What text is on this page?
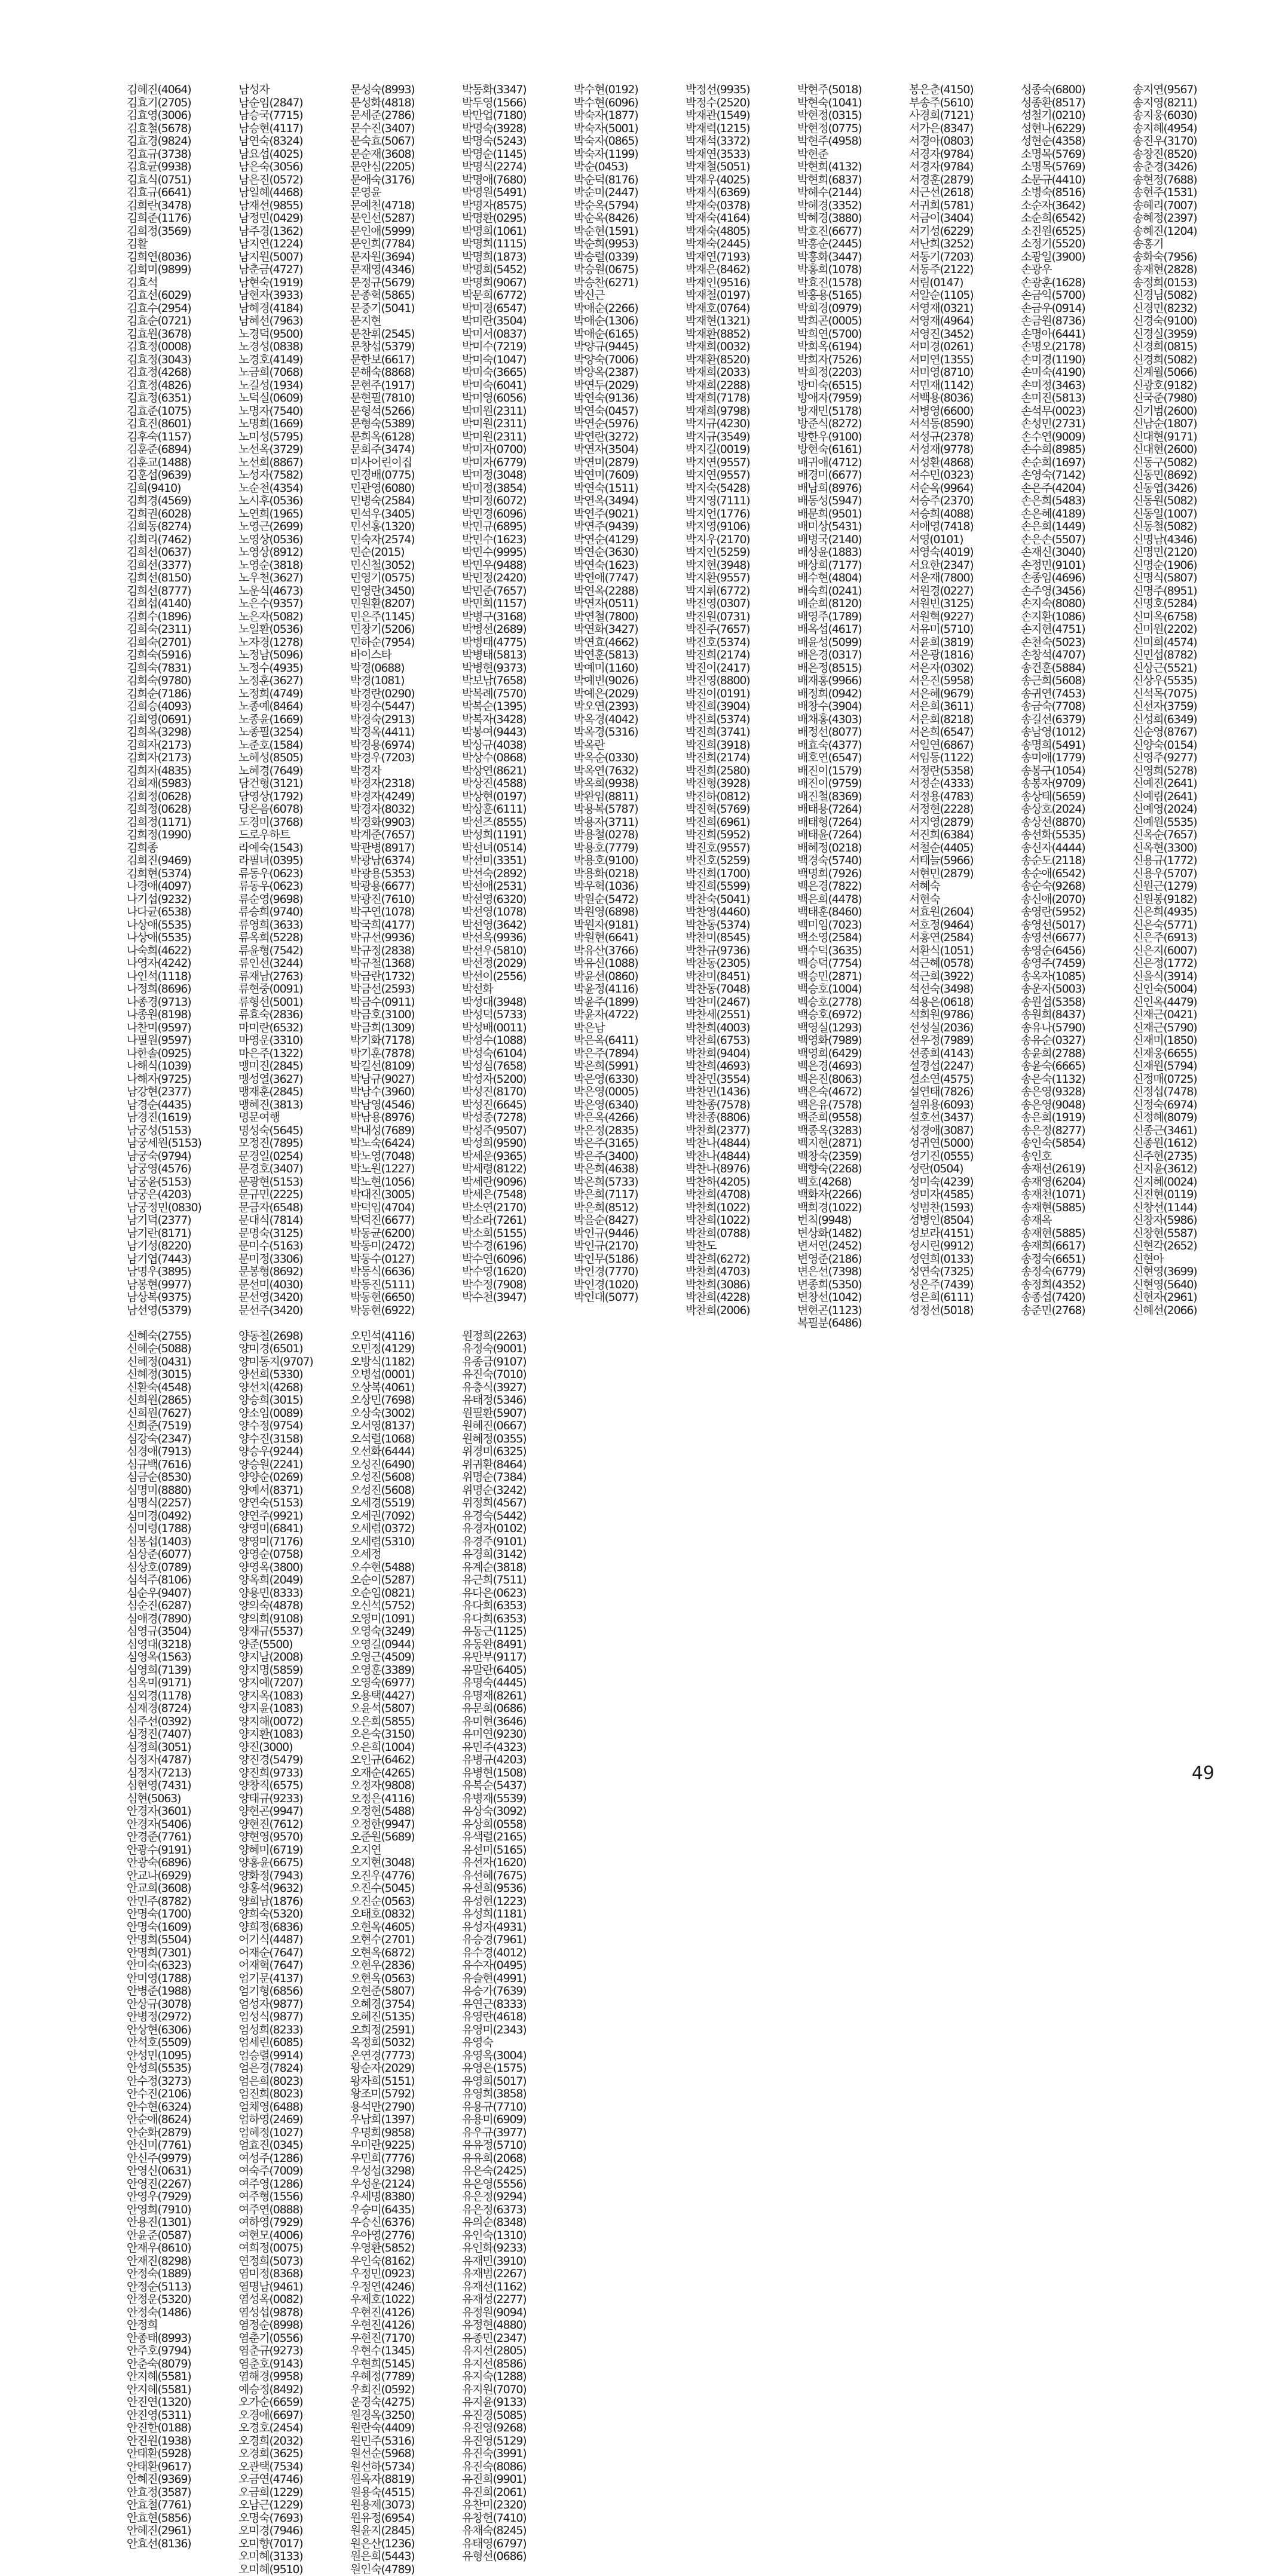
김혜진(4064)
김효기(2705)
김효영(3006)
김효철(5678)
김효경(9824)
김효규(3738)
김효균(9938)
김효식(0751)
김효규(6641)
김희란(3478)
김희준(1176)
김희정(3569)
김활
김희연(8036)
김희미(9899)
김효석
김효선(6029)
김효수(2954)
김효순(0721)
김효원(3678)
김효정(0008)
김효정(3043)
김효정(4268)
김효정(4826)
김효정(6351)
김효준(1075)
김효진(8601)
김후숙(1157)
김훈준(6894)
김훈교(1488)
김훈섭(9639)
김희(9410)
김희경(4569)
김희권(6028)
김희동(8274)
김희리(7462)
김희선(0637)
김희선(3377)
김희선(8150)
김희선(8777)
김희섭(4140)
김희수(1896)
김희숙(2311)
김희숙(2701)
김희숙(5916)
김희숙(7831)
김희숙(9780)
김희순(7186)
김희승(4093)
김희영(0691)
김희옥(3298)
김희자(2173)
김희자(2173)
김희자(4835)
김희재(5983)
김희정(0628)
김희정(0628)
김희정(1171)
김희정(1990)
김희종
김희진(9469)
김희현(5374)
나경애(4097)
나기섭(9232)
나다균(6538)
나상애(5535)
나상애(5535)
나숙희(4622)
나영자(4242)
나인석(1118)
나정희(8696)
나종경(9713)
나종원(8198)
나찬미(9597)
나필원(9597)
나한솔(0925)
나해식(1039)
나해자(9725)
남강현(2377)
남경순(4435)
남경진(1619)
남궁성(5153)
남궁세원(5153)
남궁숙(9794)
남궁영(4576)
남궁윤(5153)
남궁은(4203)
남궁정민(0830)
남기덕(2377)
남기란(8171)
남기성(8220)
남기엽(7443)
남명우(3895)
남봉현(9977)
남상복(9375)
남선영(5379)
남성자
남순임(2847)
남승국(7715)
남승현(4117)
남연숙(8324)
남요섭(4025)
남은숙(3056)
남은진(0572)
남일혜(4468)
남재선(9855)
남정민(0429)
남주경(1362)
남지연(1224)
남지원(5007)
남춘금(4727)
남현숙(1919)
남현자(3933)
남혜경(4184)
남혜선(7963)
노경덕(9500)
노경성(0838)
노경호(4149)
노금희(7068)
노길성(1934)
노덕실(0609)
노명자(7540)
노명희(1669)
노미성(5795)
노선옥(3729)
노선희(8867)
노성자(7582)
노순천(4354)
노시후(0536)
노연희(1965)
노영근(2699)
노영상(0536)
노영상(8912)
노영순(3818)
노우천(3627)
노운식(4673)
노은수(9357)
노은자(5082)
노일환(0536)
노자경(1278)
노정남(5096)
노정수(4935)
노정훈(3627)
노정희(4749)
노종예(8464)
노종윤(1669)
노종필(3254)
노준호(1584)
노혜성(8505)
노혜경(7649)
담건형(3121)
담영상(1792)
당은음(6078)
도경미(3768)
드로우하트
라예숙(1543)
라필녀(0395)
류동우(0623)
류동우(0623)
류순영(9698)
류승희(9740)
류영희(3633)
류옥희(5228)
류윤형(7542)
류인선(3244)
류재남(2763)
류현중(0091)
류형선(5001)
류효숙(2836)
마미란(6532)
마영운(3310)
마은주(1322)
맹미진(2845)
맹성열(3627)
맹재훈(2845)
맹혜진(3813)
명문여행
명성숙(5645)
모정진(7895)
문경일(0254)
문경호(3407)
문광현(5153)
문규민(2225)
문금자(6548)
문대식(7814)
문명숙(3125)
문미수(5163)
문미정(3306)
문봉형(8692)
문선미(4030)
문선영(3420)
문선주(3420)
문성숙(8993)
문성화(4818)
문세준(2786)
문수진(3407)
문숙효(5067)
문순재(3608)
문안심(2205)
문애숙(3176)
문영윤
문예천(4718)
문인선(5287)
문인애(5999)
문인희(7784)
문자원(3694)
문재영(4346)
문정규(5679)
문종혁(5865)
문중기(5041)
문지현
문찬휘(2545)
문창섭(5379)
문한보(6617)
문해숙(8868)
문현주(1917)
문현필(7810)
문형석(5266)
문형숙(5389)
문희옥(6128)
문희주(3474)
미사어린이집
민경배(0775)
민관영(6080)
민병숙(2584)
민석우(3405)
민선홍(1320)
민숙자(2574)
민순(2015)
민신철(3052)
민영기(0575)
민영란(3450)
민원환(8207)
민은주(1145)
민창기(5206)
민하순(7954)
바이스타
박경(0688)
박경(1081)
박경란(0290)
박경수(5447)
박경숙(2913)
박경옥(4411)
박경용(6974)
박경우(7203)
박경자
박경자(2318)
박경자(4249)
박경자(8032)
박경화(9903)
박계준(7657)
박관병(8917)
박광남(6374)
박광용(5353)
박광용(6677)
박광진(7610)
박구연(1078)
박국희(4177)
박규선(9936)
박규정(2838)
박규철(1368)
박금란(1732)
박금선(2593)
박금수(0911)
박금호(3100)
박금희(1309)
박기화(7178)
박기훈(7878)
박길선(8109)
박남규(9027)
박남수(3960)
박남영(4546)
박남용(8976)
박내성(7689)
박노숙(6424)
박노영(7048)
박노원(1227)
박노현(1056)
박대진(3005)
박덕임(4704)
박덕진(6677)
박동균(6200)
박동미(2472)
박동수(0127)
박동식(6636)
박동진(5111)
박동현(6650)
박동현(6922)
박동화(3347)
박두영(1566)
박만업(7180)
박명숙(3928)
박명숙(5243)
박명순(1145)
박명식(2274)
박명애(7680)
박명원(5491)
박명자(8575)
박명환(0295)
박명희(1061)
박명희(1115)
박명희(1873)
박명희(5452)
박명희(9067)
박문희(6772)
박미경(6547)
박미란(3504)
박미서(0837)
박미수(7219)
박미숙(1047)
박미숙(3665)
박미숙(6041)
박미영(6056)
박미원(2311)
박미원(2311)
박미원(2311)
박미자(0700)
박미자(6779)
박미정(3048)
박미정(3854)
박미정(6072)
박민경(6096)
박민규(6895)
박민수(1623)
박민수(9995)
박민우(9488)
박민정(2420)
박민준(7657)
박민희(1157)
박병구(3168)
박병선(2689)
박병태(4775)
박병태(5813)
박병현(9373)
박보남(7658)
박복례(7570)
박복순(1395)
박복자(3428)
박봉여(9443)
박상규(4038)
박상수(0868)
박상연(8621)
박상진(4588)
박상현(0197)
박상훈(6111)
박선즈(8555)
박성희(1191)
박선녀(0514)
박선미(3351)
박선숙(2892)
박선애(2531)
박선영(6320)
박선영(1078)
박선영(3642)
박선옥(9936)
박선우(5810)
박선정(2029)
박선이(2556)
박선화
박성대(3948)
박성덕(5733)
박성배(0011)
박성수(1088)
박성숙(6104)
박성심(7658)
박성자(5200)
박성진(8170)
박성진(6645)
박성종(7278)
박성주(9507)
박성희(9590)
박세운(9365)
박세령(8122)
박세란(9096)
박세은(7548)
박소연(2170)
박소라(7261)
박소희(5155)
박수경(6196)
박수연(6096)
박수영(1620)
박수정(7908)
박수천(3947)
박수현(0192)
박수현(6096)
박숙자(1877)
박숙자(5001)
박숙자(0865)
박숙자(1199)
박순(0453)
박순덕(8176)
박순미(2447)
박순옥(5794)
박순옥(8426)
박순현(1591)
박순희(9953)
박승렬(0339)
박승원(0675)
박승찬(6271)
박신근
박애순(2266)
박애순(1306)
박애순(6165)
박양규(9445)
박양숙(7006)
박양옥(2387)
박연두(2029)
박연숙(9136)
박연숙(0457)
박연순(5976)
박연란(3272)
박연자(3504)
박연미(2879)
박연미(7609)
박연숙(1511)
박연옥(3494)
박연주(9021)
박연주(9439)
박연순(4129)
박연순(3630)
박연숙(1623)
박연애(7747)
박연옥(2288)
박연자(0511)
박연철(7800)
박연화(3427)
박연효(4662)
박연훈(5813)
박예미(1160)
박예빈(9026)
박예은(2029)
박오연(2393)
박옥경(4042)
박옥경(5316)
박옥란
박옥순(0330)
박옥연(7632)
박옥희(9938)
박완임(8811)
박용복(5787)
박용자(3711)
박용철(0278)
박용호(7779)
박용호(9100)
박용화(0218)
박우혁(1036)
박원순(5472)
박원영(6898)
박원자(9181)
박원현(6641)
박유산(3766)
박유신(1088)
박윤선(0860)
박윤정(4116)
박윤주(1899)
박윤자(4722)
박은남
박은옥(6411)
박은주(7894)
박은희(5991)
박은영(6330)
박은영(0005)
박은영(6340)
박은옥(4266)
박은정(2835)
박은주(3165)
박은주(3400)
박은희(4638)
박은희(5733)
박은희(7117)
박은희(8512)
박을순(8427)
박인규(9446)
박인규(2170)
박인무(5186)
박인경(7770)
박인경(1020)
박인대(5077)
박정선(9935)
박정수(2520)
박재관(1549)
박재력(1215)
박재석(3372)
박재연(3533)
박재철(5051)
박재우(4025)
박재식(6369)
박재숙(0378)
박재숙(4164)
박재숙(4805)
박재숙(2445)
박재연(7193)
박재은(8462)
박재인(9516)
박재철(0197)
박재호(0764)
박재현(1321)
박재환(8852)
박재희(0032)
박재환(8520)
박재희(2033)
박재희(2288)
박재희(7178)
박재희(9798)
박지규(4230)
박지규(3549)
박지길(0019)
박지연(9557)
박지연(9557)
박지숙(5428)
박지영(7111)
박지언(1776)
박지영(9106)
박지우(2170)
박지인(5259)
박지현(3948)
박지환(9557)
박지휘(6772)
박진영(0307)
박진원(0731)
박진주(7657)
박진호(5374)
박진희(2174)
박진이(2417)
박진영(8800)
박진이(0191)
박진희(3904)
박진희(5374)
박진희(3741)
박진희(3918)
박진희(2174)
박진희(2580)
박진형(3928)
박진하(0812)
박진혁(5769)
박진희(6961)
박진희(5952)
박진호(9557)
박진호(5259)
박진희(1700)
박진희(5599)
박찬숙(5041)
박찬영(4460)
박찬동(5374)
박찬미(8545)
박찬규(9736)
박찬동(2305)
박찬미(8451)
박찬동(7048)
박찬미(2467)
박찬세(2551)
박찬희(4003)
박찬희(6753)
박찬희(9404)
박찬희(4693)
박찬민(3554)
박찬민(1436)
박찬종(7578)
박찬종(8806)
박찬희(2377)
박찬나(4844)
박찬나(4844)
박찬나(8976)
박찬하(4205)
박찬희(4708)
박찬희(1022)
박찬희(1022)
박찬희(0788)
박찬도
박찬희(6272)
박찬희(4703)
박찬희(3086)
박찬희(4228)
박찬희(2006)
박현주(5018)
박현숙(1041)
박현정(0315)
박현정(0775)
박현주(4958)
박현준
박현희(4132)
박현희(6837)
박혜수(2144)
박혜경(3352)
박혜경(3880)
박호진(6677)
박홍순(2445)
박홍화(3447)
박홍희(1078)
박효진(1578)
박흥용(5165)
박희경(0979)
박희곤(0005)
박희연(5700)
박희옥(6194)
박희자(7526)
박희정(2203)
방미숙(6515)
방애자(7959)
방재민(5178)
방준식(8272)
방한우(9100)
방현숙(6161)
배귀애(4712)
배경미(6677)
배남희(8976)
배동성(5947)
배문희(9501)
배미상(5431)
배병국(2140)
배상윤(1883)
배상희(7177)
배수현(4804)
배숙희(0241)
배순희(8120)
배영주(1789)
배옥섭(4617)
배윤성(5099)
배은경(0317)
배은정(8515)
배재홍(9966)
배정희(0942)
배창수(3904)
배채홍(4303)
배정선(8077)
배효숙(4377)
배호연(6547)
배진이(1579)
배진이(9759)
배진철(8369)
배태용(7264)
배태형(7264)
배태윤(7264)
배혜정(0218)
백경숙(5740)
백명희(7926)
백은경(7822)
백은희(4478)
백태훈(8460)
백미임(7023)
백소영(2584)
백수덕(3635)
백승덕(7754)
백승민(2871)
백승호(1004)
백승호(2778)
백승호(6972)
백영실(1293)
백영화(7989)
백영희(6429)
백은경(4693)
백은진(8063)
백은숙(4672)
백은유(7578)
백준희(9558)
백종옥(3283)
백지현(2871)
백창숙(2359)
백향숙(2268)
백호(4268)
백화자(2266)
백희경(1022)
번칙(9948)
변상화(1482)
변서연(2452)
변영준(2186)
변은선(7398)
변종희(5350)
변창선(1042)
변현곤(1123)
복필분(6486)
봉은춘(4150)
부송주(5610)
사경희(7121)
서가은(8347)
서경아(0803)
서경자(9784)
서경자(9784)
서경훈(2879)
서근선(2618)
서귀희(5781)
서금이(3404)
서기성(6229)
서난희(3252)
서동기(7203)
서동주(2122)
서림(0147)
서알순(1105)
서영재(0321)
서영재(4964)
서영진(3452)
서미경(0261)
서미연(1355)
서미영(8710)
서민재(1142)
서백용(8036)
서병영(6600)
서석동(8590)
서성규(2378)
서성재(9778)
서성환(4868)
서수민(0323)
서순옥(9964)
서승주(2370)
서승희(4088)
서애영(7418)
서영(0101)
서영숙(4019)
서요한(2347)
서운재(7800)
서원경(0227)
서원빈(3125)
서원혁(9227)
서유미(5710)
서윤희(3819)
서은광(1816)
서은자(0302)
서은진(5958)
서은혜(9679)
서은희(3611)
서은희(8218)
서은희(6547)
서일연(6867)
서임동(1122)
서정란(5358)
서정순(4333)
서정용(4783)
서정현(2228)
서지영(2879)
서진희(6384)
서철순(4405)
서태늘(5966)
서현민(2879)
서혜숙
서현숙
서효원(2604)
서호정(9464)
서홍연(2584)
서환식(1051)
석근혜(0578)
석근희(3922)
석선숙(3498)
석용은(0618)
석희원(9786)
선성실(2036)
선우정(7989)
선종희(4143)
설경섭(2247)
설소연(4575)
설연태(7826)
설위용(6093)
설호선(3437)
성경애(3087)
성귀연(5000)
성기진(0555)
성란(0504)
성미숙(4239)
성미자(4585)
성범찬(1593)
성병인(8504)
성보라(4151)
성시린(9912)
성연희(0133)
성연숙(7325)
성은주(7439)
성은희(6111)
성정선(5018)
성종숙(6800)
성종환(8517)
성철기(0210)
성현나(6229)
성현순(4358)
소명목(5769)
소명목(5769)
소문규(4410)
소병숙(8516)
소순자(3642)
소순희(6542)
소진원(6525)
소정기(5520)
소광일(3900)
손광우
손광훈(1628)
손금익(5700)
손금우(0914)
손금원(8736)
손명아(6441)
손명오(2178)
손미경(1190)
손미숙(4190)
손미정(3463)
손미진(5813)
손석무(0023)
손성민(2731)
손수연(9009)
손수희(8985)
손순희(1697)
손영숙(7142)
손은주(4204)
손은희(5483)
손은혜(4189)
손은희(1449)
손은손(5507)
손재신(3040)
손정민(9101)
손종임(4696)
손주영(3456)
손지숙(8080)
손지환(1086)
손지현(4751)
손천숙(5023)
손창석(4707)
송건훈(5884)
송근희(5608)
송귀연(7453)
송금숙(7708)
송길선(6379)
송남영(1012)
송명희(5491)
송미애(1779)
송봉구(1054)
송봉자(9709)
송상태(5659)
송상호(2024)
송상선(8870)
송선화(5535)
송신자(4444)
송순도(2118)
송순애(6542)
송순숙(9268)
송신애(2070)
송영란(5952)
송영선(5017)
송영선(6677)
송영순(6456)
송영주(7459)
송옥자(1085)
송운자(5003)
송원섭(5358)
송원희(8437)
송유나(5790)
송유순(0327)
송윤희(2788)
송윤숙(6665)
송은숙(1132)
송은영(9328)
송은영(9048)
송은희(1919)
송은정(8277)
송인숙(5854)
송인호
송재선(2619)
송재영(6204)
송재천(1071)
송재현(5885)
송재옥
송재현(5885)
송재희(6617)
송정숙(6651)
송정숙(6779)
송정희(4352)
송종섭(7420)
송준민(2768)
송지연(9567)
송지영(8211)
송지웅(6030)
송지혜(4954)
송진우(3170)
송창진(8520)
송춘경(3426)
송현정(7688)
송현주(1531)
송혜리(7007)
송혜정(2397)
송혜진(1204)
송홍기
송화숙(7956)
송재현(2828)
송정희(0153)
신경님(5082)
신경민(8232)
신경숙(9100)
신경실(3959)
신경희(0815)
신경희(5082)
신계월(5066)
신광호(9182)
신국준(7980)
신기범(2600)
신남순(1807)
신대현(9171)
신대현(2600)
신동구(5082)
신동민(8692)
신동엽(3426)
신동원(5082)
신동일(1007)
신동철(5082)
신명남(4346)
신명민(2120)
신명순(1906)
신명식(5807)
신명주(8951)
신명호(5284)
신미옥(6758)
신미원(2202)
신미희(4574)
신민섭(8782)
신상근(5521)
신상우(5535)
신석목(7075)
신선자(3759)
신성희(6349)
신순영(8767)
신양숙(0154)
신영주(9277)
신영희(5278)
신예진(2641)
신예림(2641)
신예영(2024)
신예원(5535)
신옥순(7657)
신옥현(3300)
신용규(1772)
신용우(5707)
신원근(1279)
신원봉(9182)
신은희(4935)
신은숙(5771)
신은주(6913)
신은지(6007)
신은정(1772)
신을식(3914)
신인숙(5004)
신인옥(4479)
신재근(0421)
신재근(5790)
신재미(1850)
신재웅(6655)
신재원(5794)
신정매(0725)
신정섭(7478)
신정숙(6974)
신정혜(8079)
신종근(3461)
신종원(1612)
신주현(2735)
신지윤(3612)
신지혜(0024)
신진현(0119)
신창선(1144)
신창자(5986)
신창현(5587)
신현각(2652)
신현아
신현영(3699)
신현영(5640)
신현자(2961)
신혜선(2066)
신혜숙(2755)
신혜순(5088)
신혜정(0431)
신혜정(3015)
신환숙(4548)
신희원(2865)
신희원(7627)
신희준(7519)
심강숙(2347)
심경애(7913)
심규백(7616)
심금순(8530)
심명미(8880)
심명식(2257)
심미경(0492)
심미령(1788)
심봉섭(1403)
심상준(6077)
심상호(0789)
심석주(8106)
심순우(9407)
심순진(6287)
심애경(7890)
심영규(3504)
심영대(3218)
심영옥(1563)
심영희(7139)
심옥미(9171)
심외경(1178)
심재경(8724)
심주선(0392)
심정진(7407)
심정희(3051)
심정자(4787)
심정자(7213)
심현영(7431)
심현(5063)
안경자(3601)
안경자(5406)
안경준(7761)
안광수(9191)
안광숙(6896)
안교나(6929)
안교희(3608)
안민주(8782)
안명숙(1700)
안명숙(1609)
안명희(5504)
안명희(7301)
안미숙(6323)
안미영(1788)
안병준(1988)
안상규(3078)
안병정(2972)
안상현(6306)
안석호(5509)
안성민(1095)
안성희(5535)
안수정(3273)
안수진(2106)
안수현(6324)
안순애(8624)
안순화(2879)
안신미(7761)
안신주(9979)
안영신(0631)
안영진(2267)
안영우(7929)
안영희(7910)
안용진(1301)
안윤준(0587)
안재우(8610)
안재진(8298)
안정숙(1889)
안정순(5113)
안정운(5320)
안정숙(1486)
안정희
안종태(8993)
안주호(9794)
안춘숙(8079)
안지혜(5581)
안지혜(5581)
안진연(1320)
안진영(5311)
안진한(0188)
안진원(1938)
안태환(5928)
안태환(9617)
안혜진(9369)
안효정(3587)
안효철(7761)
안효현(5856)
안혜진(2961)
안효선(8136)
양동철(2698)
양미경(6501)
양미동지(9707)
양선희(5330)
양선치(4268)
양승희(3015)
양소임(0089)
양수정(9754)
양수진(3158)
양승우(9244)
양승원(2241)
양양순(0269)
양예서(8371)
양연숙(5153)
양연주(9921)
양영미(6841)
양영미(7176)
양영순(0758)
양영옥(3800)
양옥희(2049)
양용민(8333)
양의숙(4878)
양의희(9108)
양재규(5537)
양준(5500)
양지남(2008)
양지명(5859)
양지예(7207)
양지옥(1083)
양지윤(1083)
양지해(0072)
양지환(1083)
양진(3000)
양진경(5479)
양진희(9733)
양창직(6575)
양태규(9233)
양현곤(9947)
양현진(7612)
양현영(9570)
양혜미(6719)
양홍윤(6675)
양화정(7943)
양홍석(9632)
양희남(1876)
양희숙(5320)
양희정(6836)
어기식(4487)
어재순(7647)
어재혁(7647)
엄기문(4137)
엄기형(6856)
엄성자(9877)
엄성식(9877)
엄성희(8233)
엄세린(6085)
엄승렬(9914)
엄은경(7824)
엄은희(8023)
엄진희(8023)
엄채영(6488)
엄하영(2469)
엄혜정(1027)
엄효진(0345)
여성주(1286)
여숙주(7009)
여주영(1286)
여주형(1556)
여주연(0888)
여하영(7929)
여현모(4006)
여희정(0075)
연정희(5073)
염미정(8368)
염명남(9461)
염성옥(0082)
염성섭(9878)
염정순(8998)
염춘기(0556)
염춘규(9273)
염춘호(9143)
염해경(9958)
예승정(8492)
오가순(6659)
오경애(6697)
오경호(2454)
오경희(2032)
오경희(3625)
오관택(7534)
오금연(4746)
오금희(1229)
오남근(1229)
오명숙(7693)
오미경(7946)
오미향(7017)
오미혜(3133)
오미혜(9510)
오민석(4116)
오민정(4129)
오방식(1182)
오병섭(0001)
오상복(4061)
오상민(7698)
오상숙(3002)
오서영(8137)
오석렬(1068)
오선화(6444)
오성진(6490)
오성진(5608)
오성진(5608)
오세경(5519)
오세권(7092)
오세렴(0372)
오세렴(5310)
오세정
오수현(5488)
오순이(5287)
오순임(0821)
오신석(5752)
오영미(1091)
오영숙(3249)
오영길(0944)
오영근(4509)
오영훈(3389)
오영숙(6977)
오용택(4427)
오윤석(5807)
오은희(5855)
오은숙(3150)
오은희(1004)
오인규(6462)
오재순(4265)
오정자(9808)
오정은(4116)
오정현(5488)
오정한(9947)
오준원(5689)
오지연
오지현(3048)
오진우(4776)
오진수(5045)
오진순(0563)
오태호(0832)
오현옥(4605)
오현수(2701)
오현옥(6872)
오현우(2836)
오현옥(0563)
오현준(5807)
오혜경(3754)
오혜진(5135)
오희정(2591)
옥정희(5032)
온연경(7773)
왕순자(2029)
왕자희(5151)
왕조미(5792)
용석만(2790)
우남희(1397)
우명희(9858)
우미란(9225)
우민희(7776)
우성섭(3298)
우성운(2124)
우세명(8380)
우승미(6435)
우승신(6376)
우아영(2776)
우영환(5852)
우인숙(8162)
우정민(0923)
우정연(4246)
우제호(1022)
우현진(4126)
우현진(4126)
우현진(7170)
우현수(1345)
우현희(5145)
우혜정(7789)
우희진(0592)
운경숙(4275)
원경옥(3250)
원란숙(4409)
원민주(5316)
원선순(5968)
원선하(5734)
원옥자(8819)
원용숙(4515)
원용제(3073)
원유정(6954)
원윤지(2845)
원은산(1236)
원은희(5443)
원인숙(4789)
원정희(2263)
유정숙(9001)
유종금(9107)
유진숙(7010)
유충식(3927)
유태정(5346)
원필환(5907)
원혜진(0667)
원혜정(0355)
위경미(6325)
위귀환(8464)
위명순(7384)
위명순(3242)
위정희(4567)
유경숙(5442)
유경자(0102)
유경주(9101)
유경희(3142)
유계순(3818)
유근희(7511)
유다은(0623)
유다희(6353)
유다희(6353)
유동근(1125)
유동완(8491)
유만부(9117)
유말란(6405)
유명숙(4445)
유명재(8261)
유문희(0686)
유미현(3646)
유미연(9230)
유민주(4323)
유병규(4203)
유병현(1508)
유복순(5437)
유병재(5539)
유상숙(3092)
유상희(0558)
유색렬(2165)
유선미(5165)
유선자(1620)
유선혜(7675)
유선희(9536)
유성현(1223)
유성희(1181)
유성자(4931)
유승경(7961)
유수경(4012)
유수자(0495)
유슬현(4991)
유승가(7639)
유연근(8333)
유영란(4618)
유영미(2343)
유영숙
유영옥(3004)
유영은(1575)
유영희(5017)
유영희(3858)
유용규(7710)
유용미(6909)
유우규(3977)
유유정(5710)
유유희(2068)
유은숙(2425)
유은영(5556)
유은정(9294)
유은정(6373)
유의순(8348)
유인숙(1310)
유인화(9233)
유재민(3910)
유재범(2267)
유재선(1162)
유재성(2277)
유정원(9094)
유정현(4880)
유종민(2347)
유지선(2805)
유지선(8586)
유지숙(1288)
유지원(7070)
유지윤(9133)
유진경(5085)
유진영(9268)
유진영(5129)
유진숙(3991)
유진숙(8086)
유진희(9901)
유진희(2061)
유찬미(2320)
유창헌(7410)
유채숙(8245)
유태영(6797)
유형선(0686)
49
